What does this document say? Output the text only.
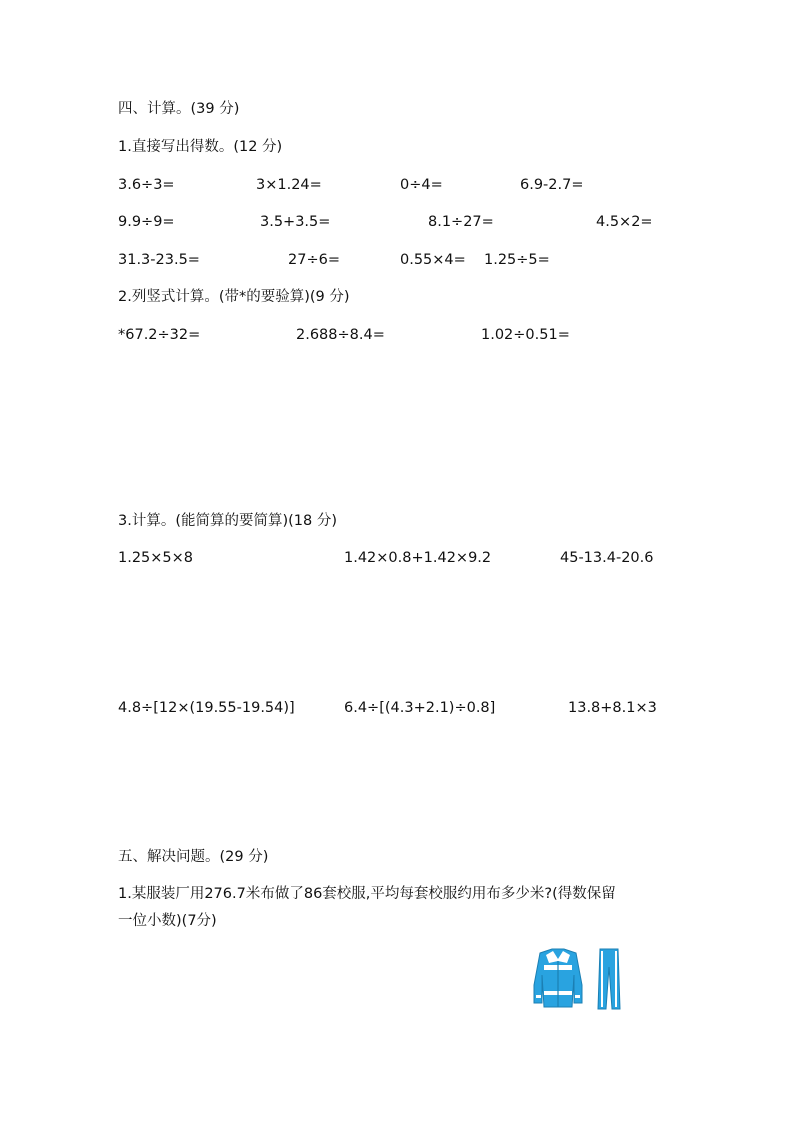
四、计算。(39 分)
1.直接写出得数。(12 分)
3.6÷3=	3×1.24=	0÷4=	6.9-2.7=
9.9÷9=	3.5+3.5=	8.1÷27=	4.5×2=
31.3-23.5=	27÷6=	0.55×4= 1.25÷5=
2.列竖式计算。(带*的要验算)(9 分)
*67.2÷32=	2.688÷8.4=	1.02÷0.51=
3.计算。(能简算的要简算)(18 分)
1.25×5×8	1.42×0.8+1.42×9.2	45-13.4-20.6
4.8÷[12×(19.55-19.54)]	6.4÷[(4.3+2.1)÷0.8]	13.8+8.1×3
五、解决问题。(29 分)
1.某服装厂用276.7米布做了86套校服,平均每套校服约用布多少米?(得数保留
一位小数)(7分)
